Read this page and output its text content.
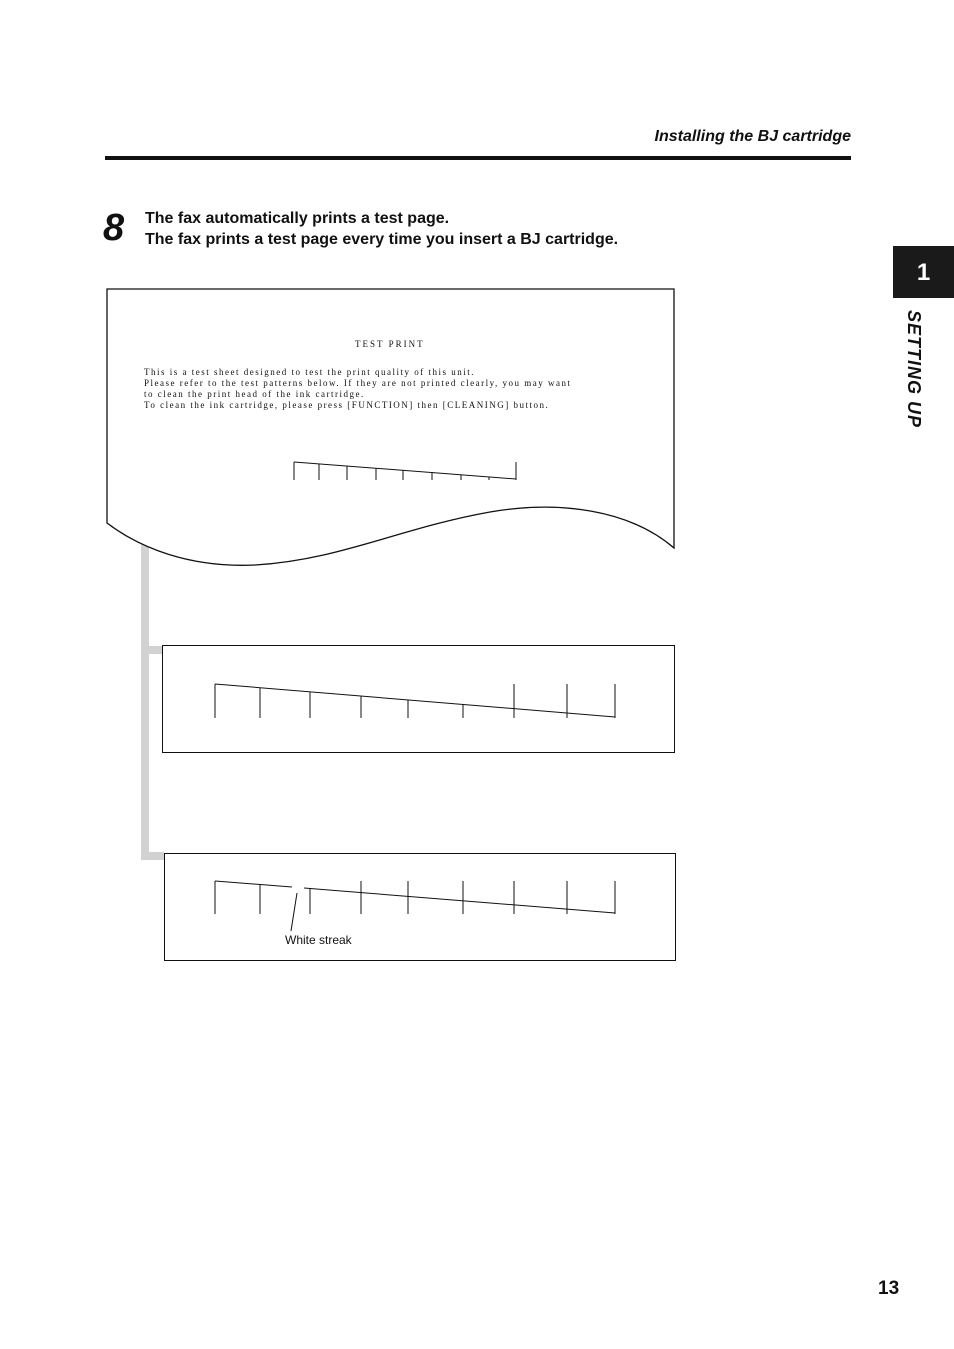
Installing the BJ cartridge
8 The fax automatically prints a test page.
The fax prints a test page every time you insert a BJ cartridge.
1
SETTING UP
TEST PRINT
This is a test sheet designed to test the print quality of this unit.
Please refer to the test patterns below. If they are not printed clearly, you may want
to clean the print head of the ink cartridge.
To clean the ink cartridge, please press [FUNCTION] then [CLEANING] button.
White streak
13
